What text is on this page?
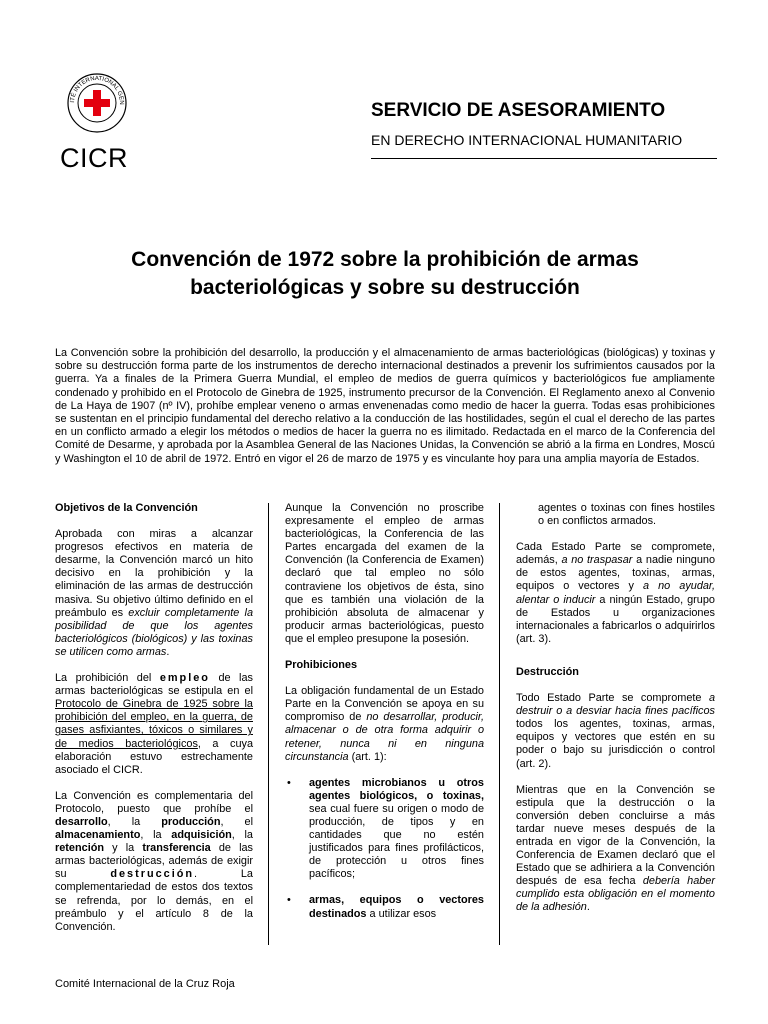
ITÉ INTERNATIONAL GEN
CICR
SERVICIO DE ASESORAMIENTO
EN DERECHO INTERNACIONAL HUMANITARIO
Convención de 1972 sobre la prohibición de armas
bacteriológicas y sobre su destrucción

La Convención sobre la prohibición del desarrollo, la producción y el almacenamiento de armas bacteriológicas (biológicas) y toxinas y sobre su destrucción forma parte de los instrumentos de derecho internacional destinados a prevenir los sufrimientos causados por la guerra. Ya a finales de la Primera Guerra Mundial, el empleo de medios de guerra químicos y bacteriológicos fue ampliamente condenado y prohibido en el Protocolo de Ginebra de 1925, instrumento precursor de la Convención. El Reglamento anexo al Convenio de La Haya de 1907 (nº IV), prohíbe emplear veneno o armas envenenadas como medio de hacer la guerra. Todas esas prohibiciones se sustentan en el principio fundamental del derecho relativo a la conducción de las hostilidades, según el cual el derecho de las partes en un conflicto armado a elegir los métodos o medios de hacer la guerra no es ilimitado. Redactada en el marco de la Conferencia del Comité de Desarme, y aprobada por la Asamblea General de las Naciones Unidas, la Convención se abrió a la firma en Londres, Moscú y Washington el 10 de abril de 1972. Entró en vigor el 26 de marzo de 1975 y es vinculante hoy para una amplia mayoría de Estados.

Objetivos de la Convención

Aprobada con miras a alcanzar progresos efectivos en materia de desarme, la Convención marcó un hito decisivo en la prohibición y la eliminación de las armas de destrucción masiva. Su objetivo último definido en el preámbulo es excluir completamente la posibilidad de que los agentes bacteriológicos (biológicos) y las toxinas se utilicen como armas.

La prohibición del empleo de las armas bacteriológicas se estipula en el Protocolo de Ginebra de 1925 sobre la prohibición del empleo, en la guerra, de gases asfixiantes, tóxicos o similares y de medios bacteriológicos, a cuya elaboración estuvo estrechamente asociado el CICR.

La Convención es complementaria del Protocolo, puesto que prohíbe el desarrollo, la producción, el almacenamiento, la adquisición, la retención y la transferencia de las armas bacteriológicas, además de exigir su destrucción. La complementariedad de estos dos textos se refrenda, por lo demás, en el preámbulo y el artículo 8 de la Convención.

Aunque la Convención no proscribe expresamente el empleo de armas bacteriológicas, la Conferencia de las Partes encargada del examen de la Convención (la Conferencia de Examen) declaró que tal empleo no sólo contraviene los objetivos de ésta, sino que es también una violación de la prohibición absoluta de almacenar y producir armas bacteriológicas, puesto que el empleo presupone la posesión.

Prohibiciones

La obligación fundamental de un Estado Parte en la Convención se apoya en su compromiso de no desarrollar, producir, almacenar o de otra forma adquirir o retener, nunca ni en ninguna circunstancia (art. 1):

•	agentes microbianos u otros agentes biológicos, o toxinas, sea cual fuere su origen o modo de producción, de tipos y en cantidades que no estén justificados para fines profilácticos, de protección u otros fines pacíficos;
•	armas, equipos o vectores destinados a utilizar esos

agentes o toxinas con fines hostiles o en conflictos armados.

Cada Estado Parte se compromete, además, a no traspasar a nadie ninguno de estos agentes, toxinas, armas, equipos o vectores y a no ayudar, alentar o inducir a ningún Estado, grupo de Estados u organizaciones internacionales a fabricarlos o adquirirlos (art. 3).

Destrucción

Todo Estado Parte se compromete a destruir o a desviar hacia fines pacíficos todos los agentes, toxinas, armas, equipos y vectores que estén en su poder o bajo su jurisdicción o control (art. 2).

Mientras que en la Convención se estipula que la destrucción o la conversión deben concluirse a más tardar nueve meses después de la entrada en vigor de la Convención, la Conferencia de Examen declaró que el Estado que se adhiriera a la Convención después de esa fecha debería haber cumplido esta obligación en el momento de la adhesión.

Comité Internacional de la Cruz Roja
